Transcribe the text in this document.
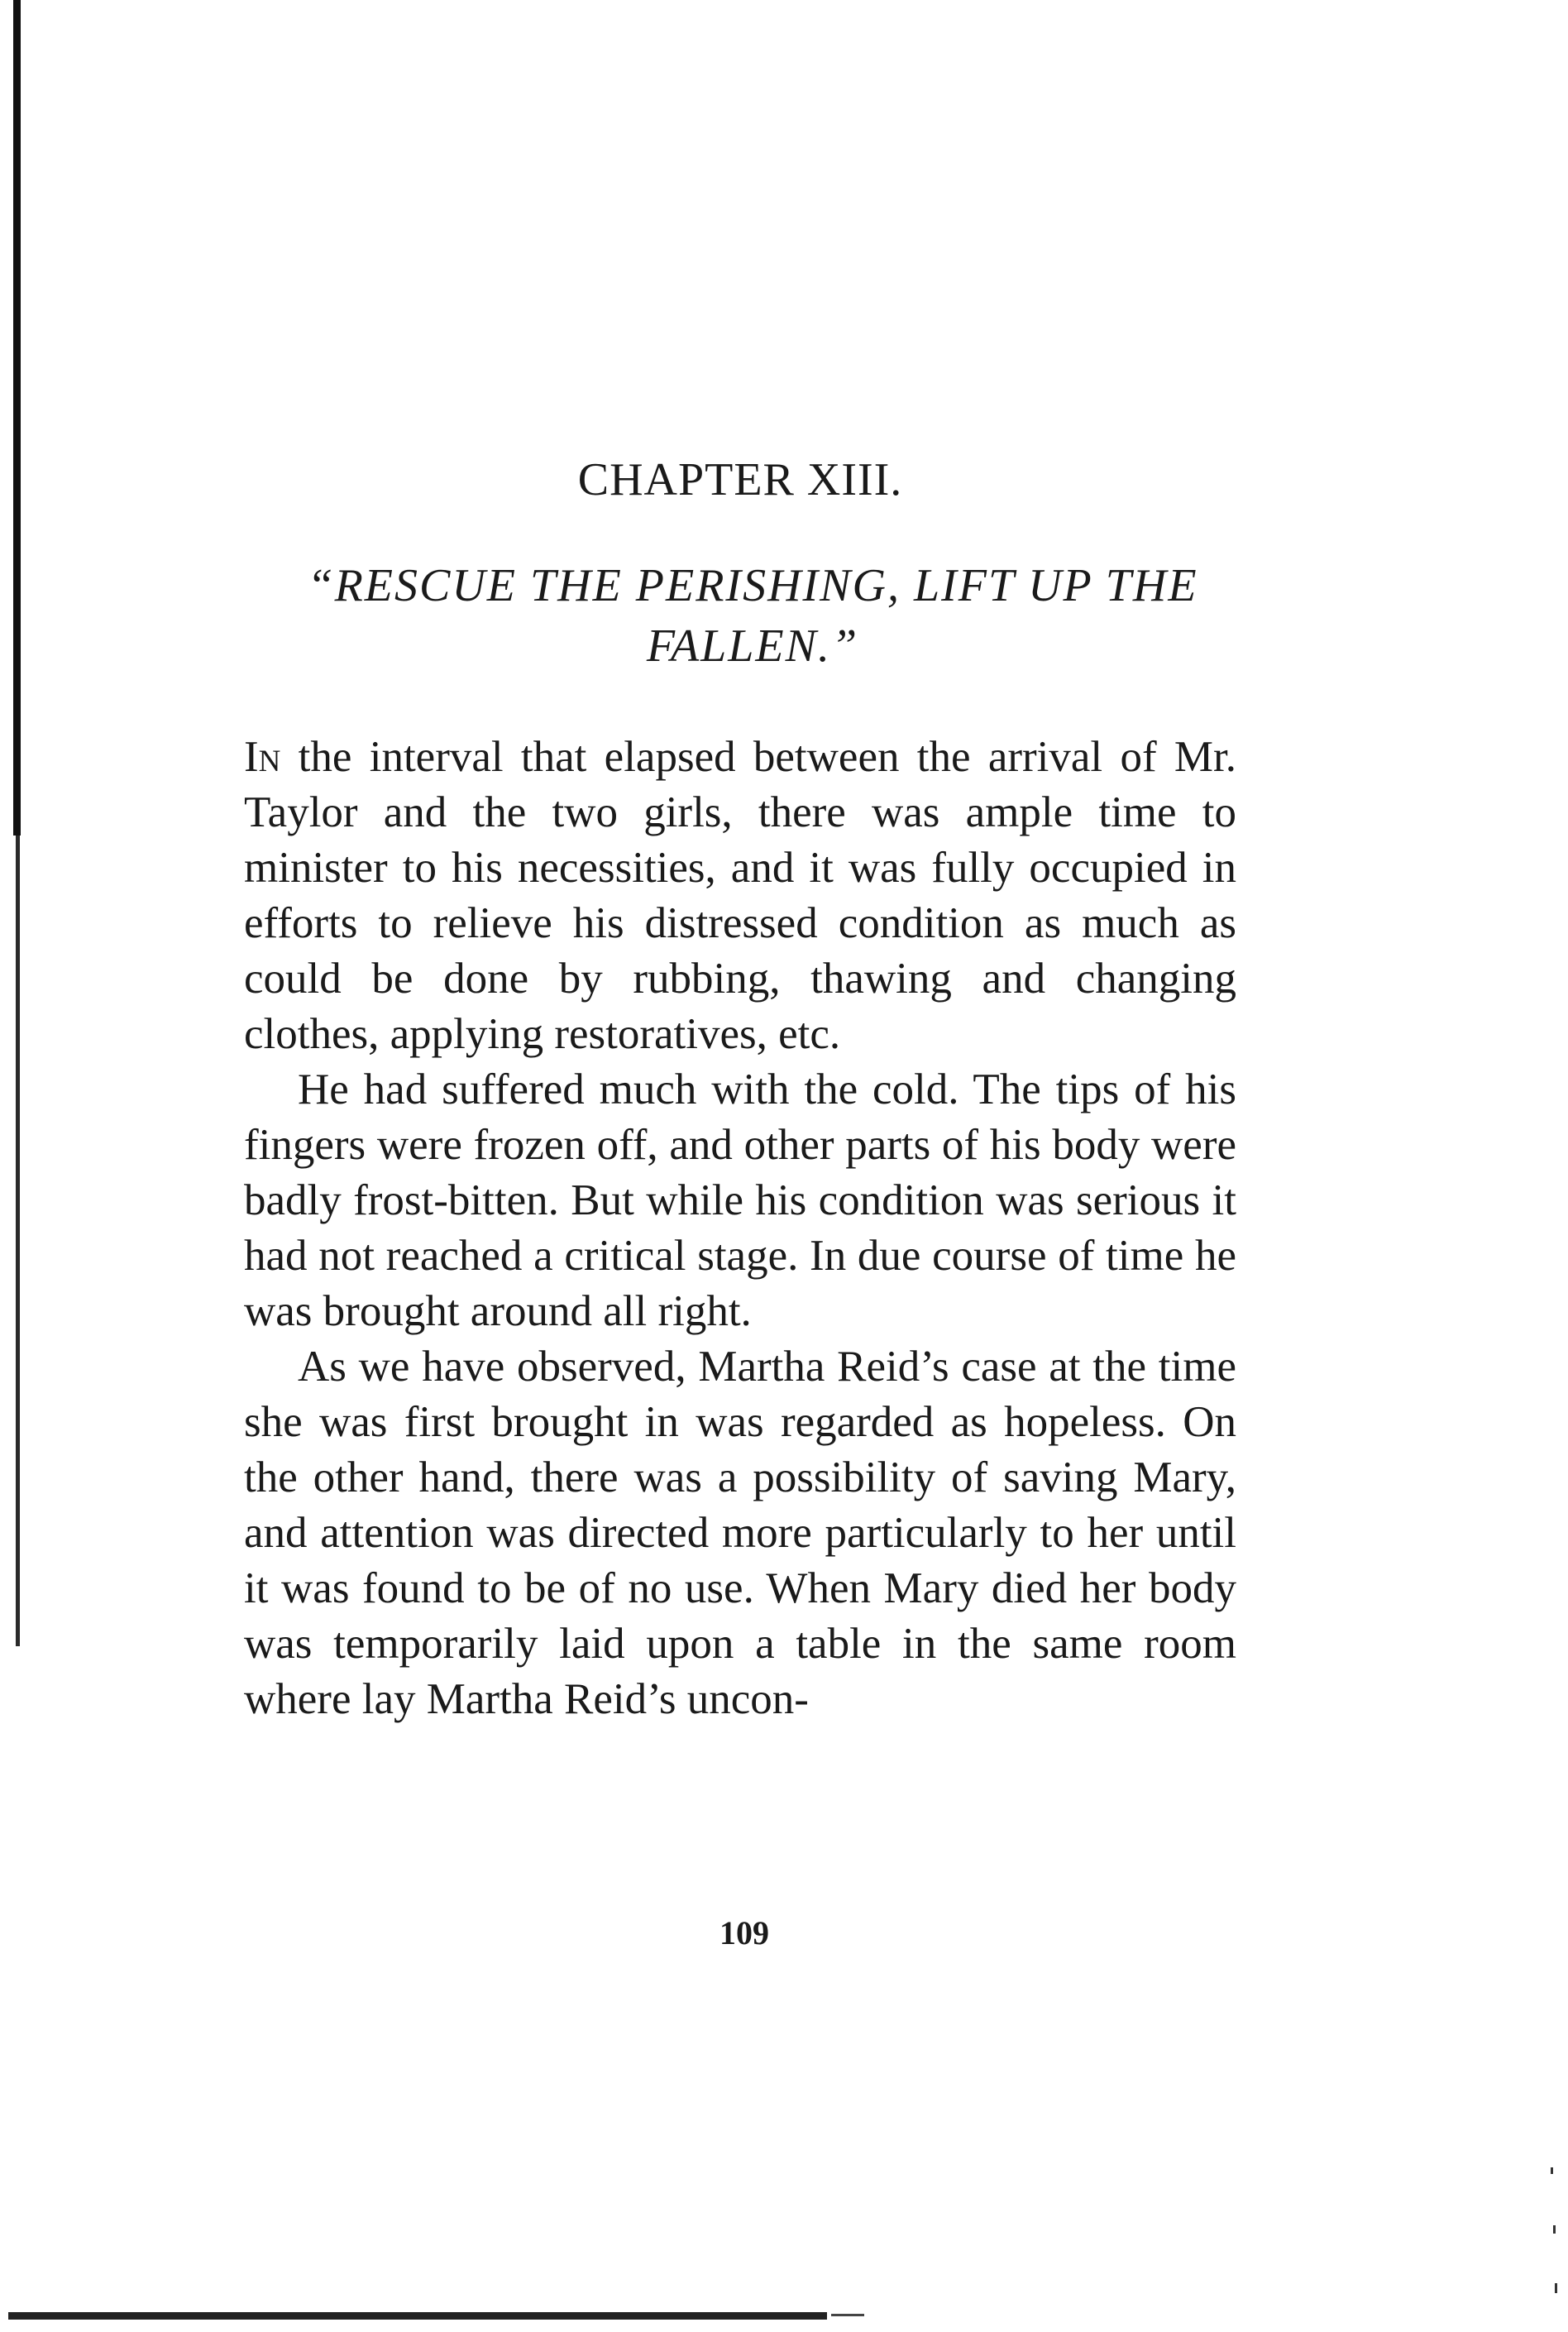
CHAPTER XIII.
“RESCUE THE PERISHING, LIFT UP THE FALLEN.”

In the interval that elapsed between the arrival of Mr. Taylor and the two girls, there was ample time to minister to his necessities, and it was fully occupied in efforts to relieve his distressed condition as much as could be done by rubbing, thawing and changing clothes, applying restoratives, etc.

He had suffered much with the cold. The tips of his fingers were frozen off, and other parts of his body were badly frost-bitten. But while his condition was serious it had not reached a critical stage. In due course of time he was brought around all right.

As we have observed, Martha Reid’s case at the time she was first brought in was regarded as hopeless. On the other hand, there was a possibility of saving Mary, and attention was directed more particularly to her until it was found to be of no use. When Mary died her body was temporarily laid upon a table in the same room where lay Martha Reid’s uncon-

109
